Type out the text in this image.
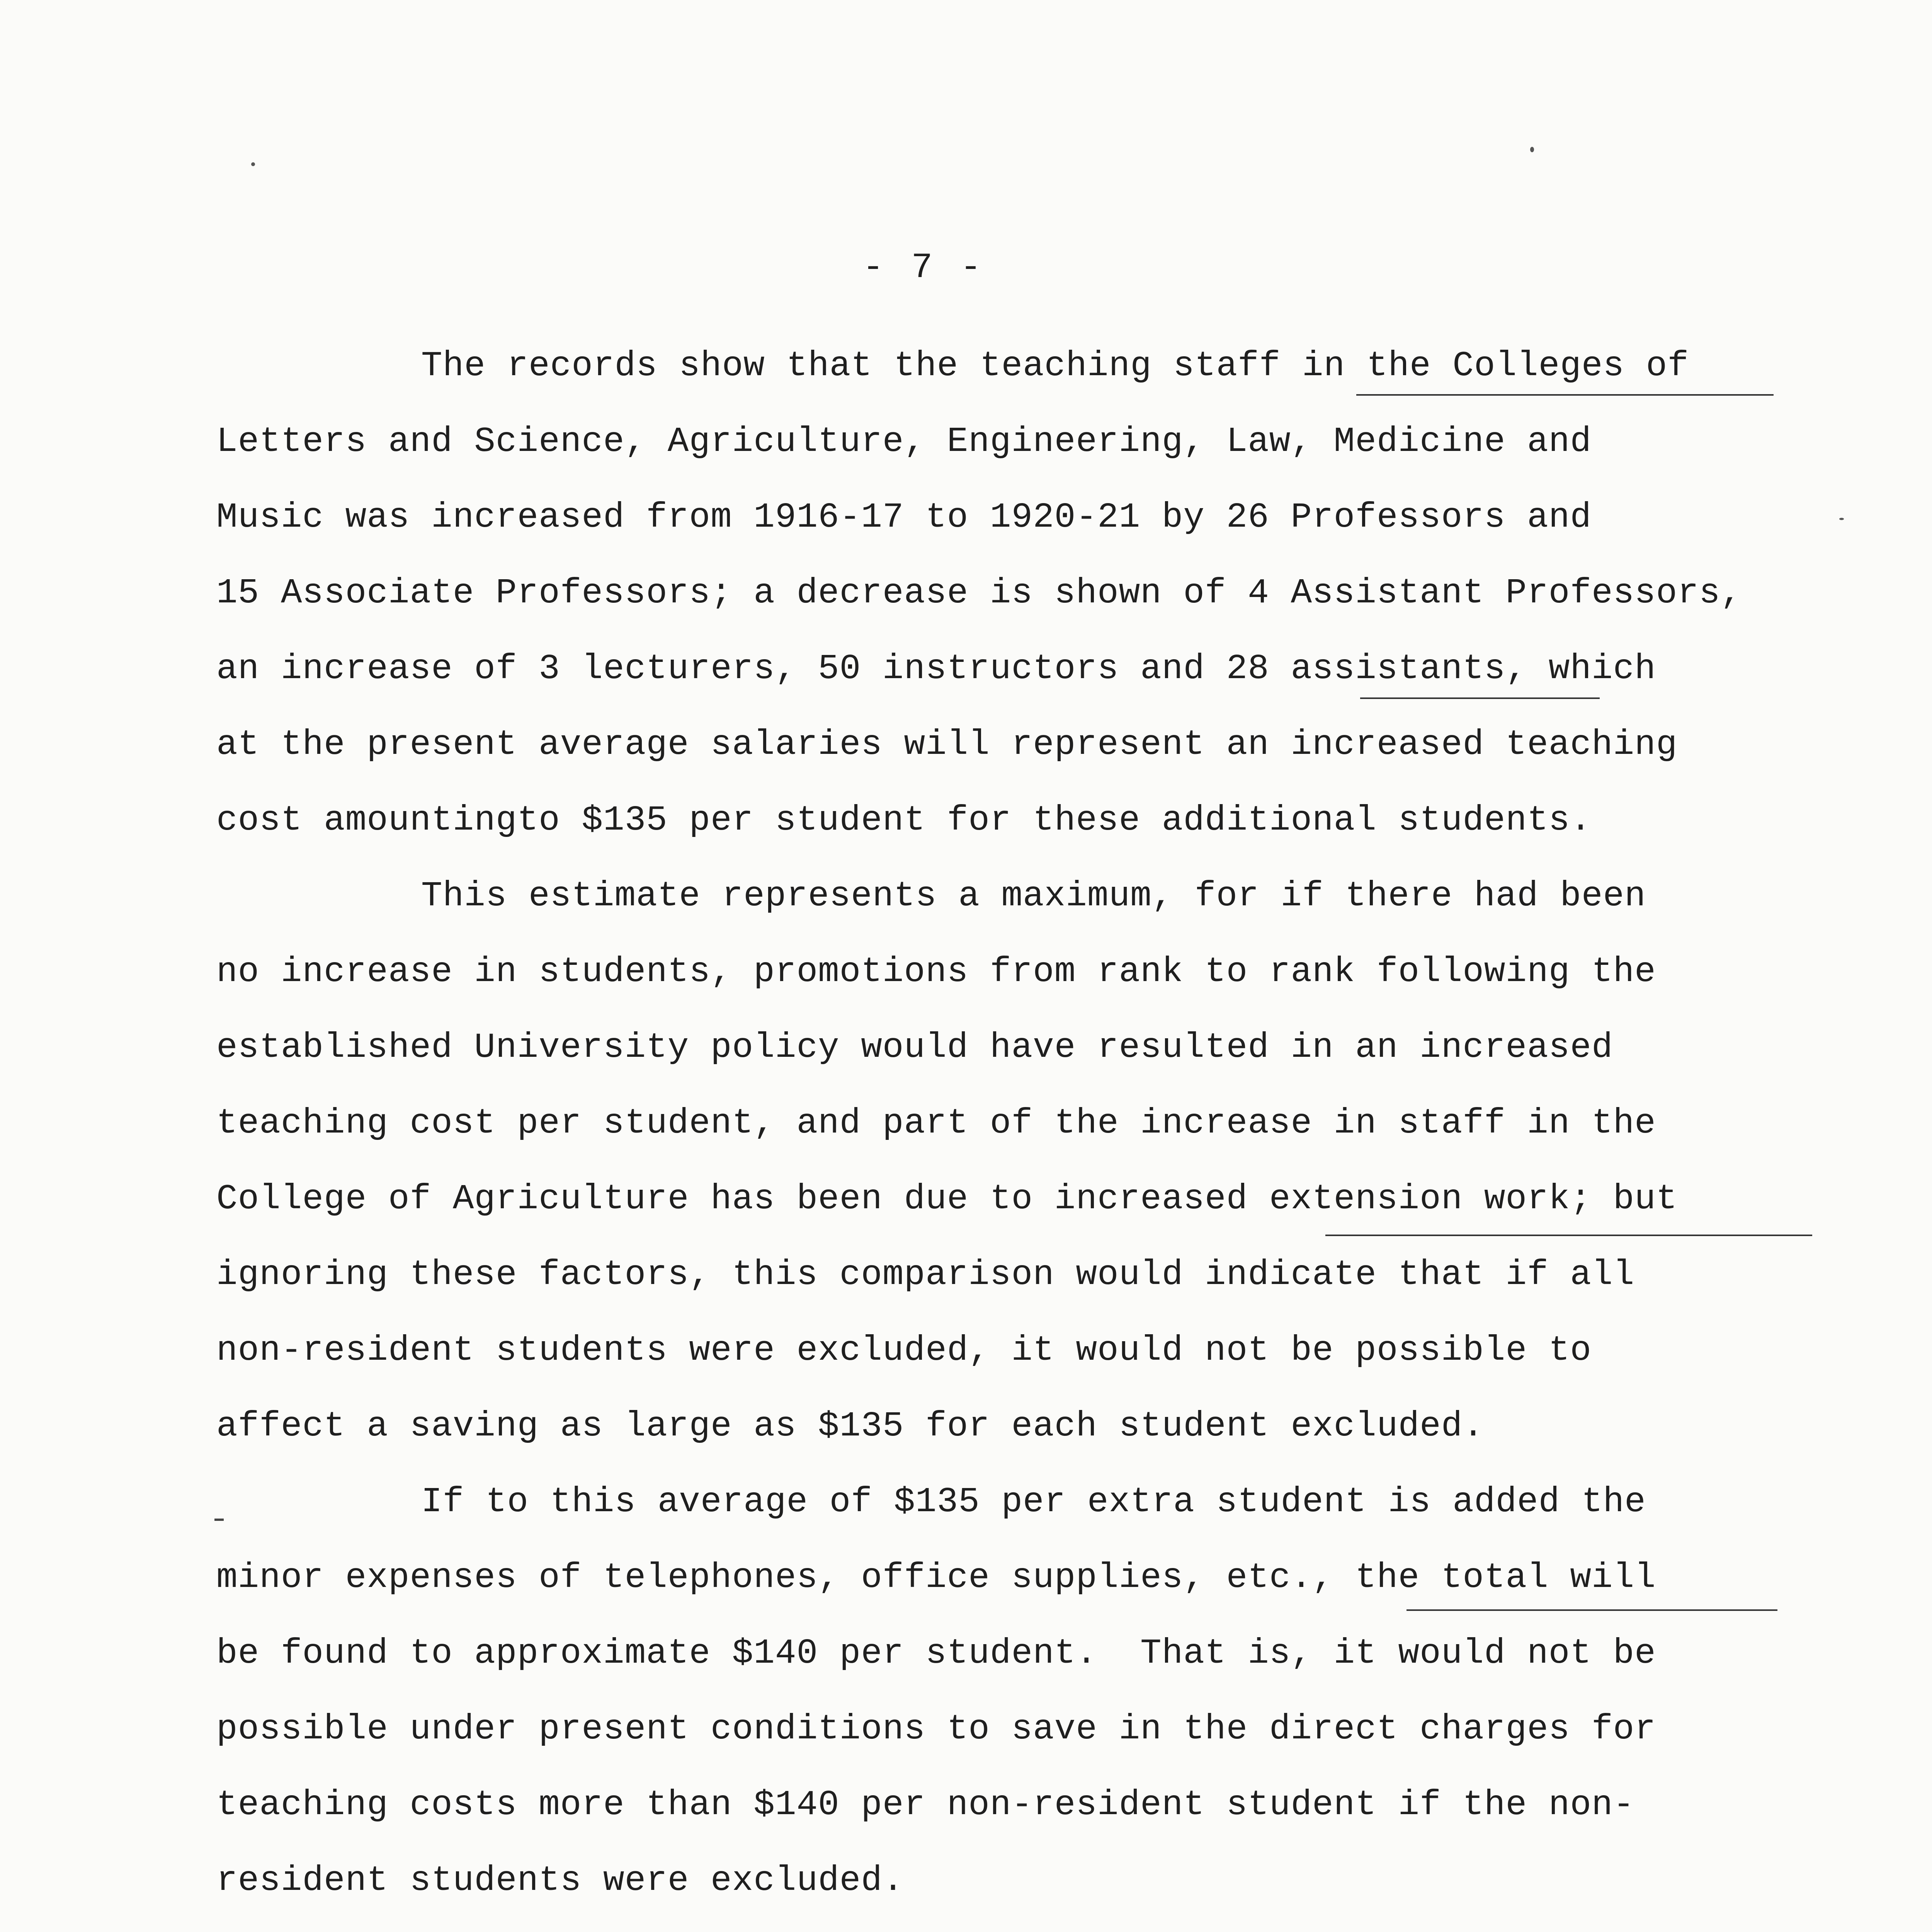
- 7 -
The records show that the teaching staff in the Colleges of
Letters and Science, Agriculture, Engineering, Law, Medicine and
Music was increased from 1916-17 to 1920-21 by 26 Professors and
15 Associate Professors; a decrease is shown of 4 Assistant Professors,
an increase of 3 lecturers, 50 instructors and 28 assistants, which
at the present average salaries will represent an increased teaching
cost amountingto $135 per student for these additional students.
This estimate represents a maximum, for if there had been
no increase in students, promotions from rank to rank following the
established University policy would have resulted in an increased
teaching cost per student, and part of the increase in staff in the
College of Agriculture has been due to increased extension work; but
ignoring these factors, this comparison would indicate that if all
non-resident students were excluded, it would not be possible to
affect a saving as large as $135 for each student excluded.
If to this average of $135 per extra student is added the
minor expenses of telephones, office supplies, etc., the total will
be found to approximate $140 per student.  That is, it would not be
possible under present conditions to save in the direct charges for
teaching costs more than $140 per non-resident student if the non-
resident students were excluded.
